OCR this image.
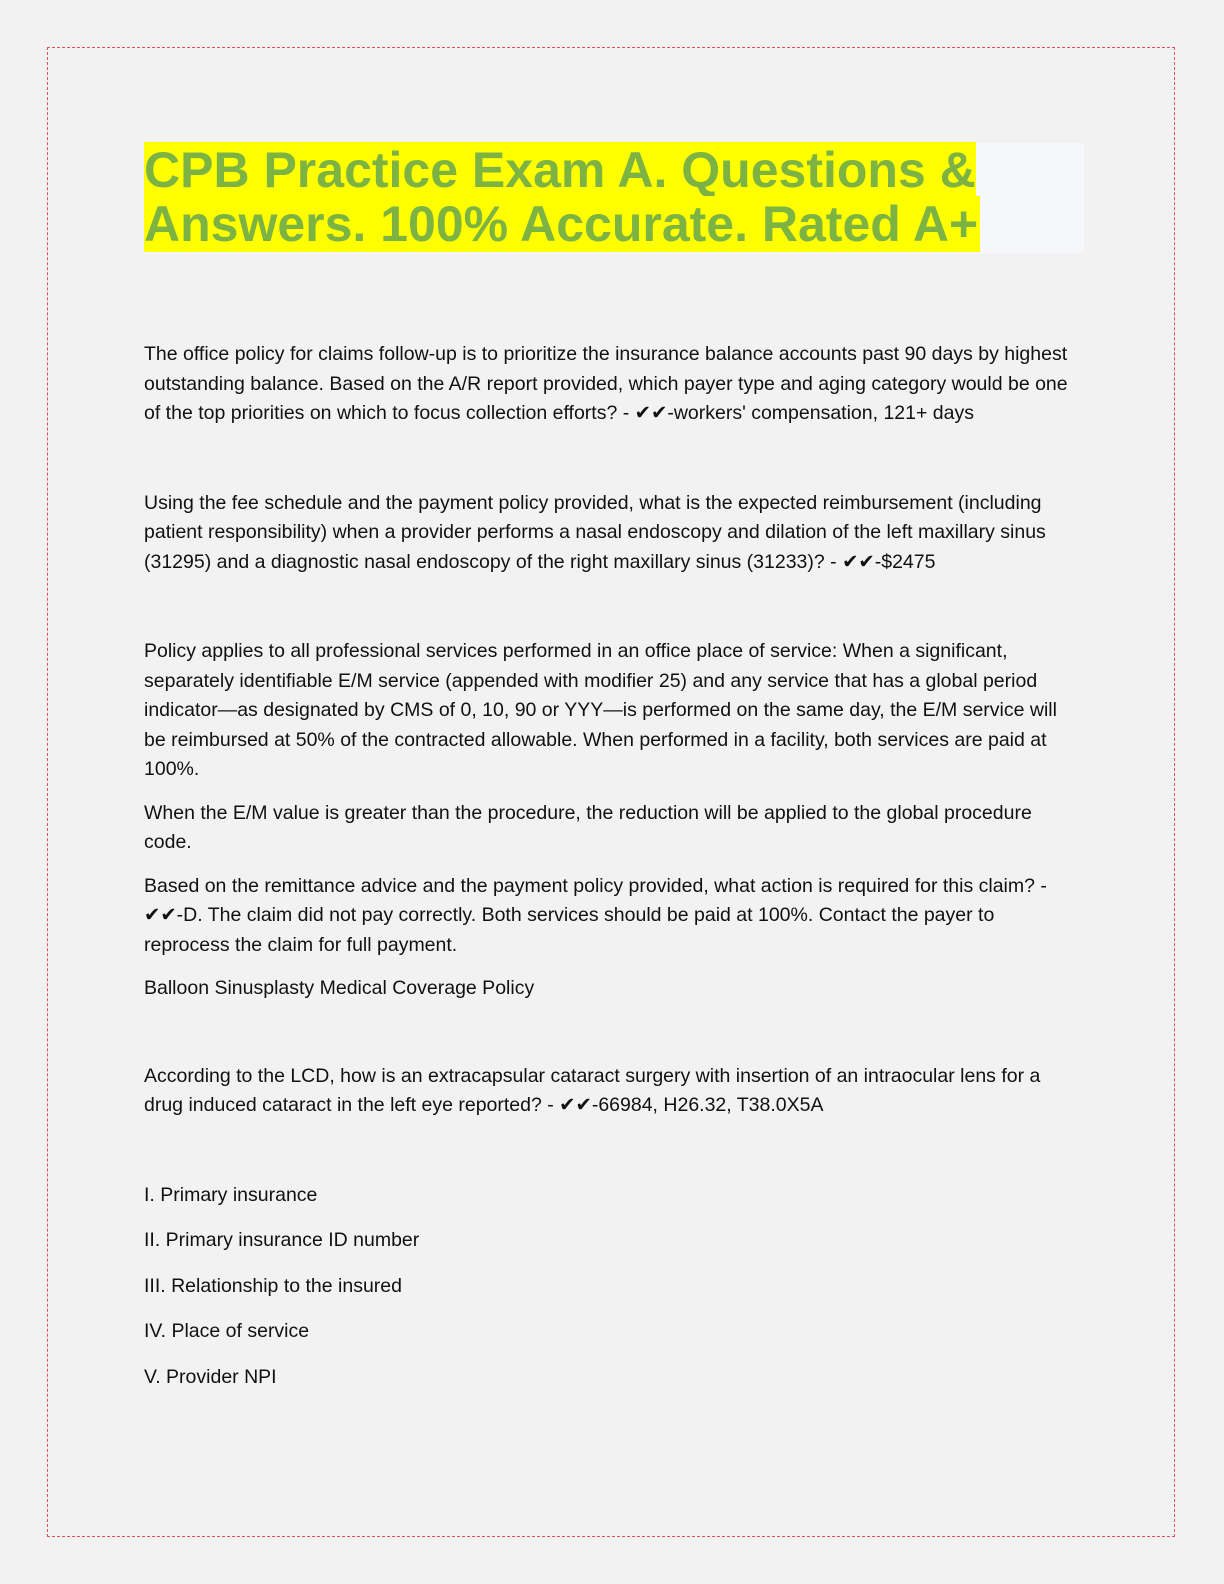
CPB Practice Exam A. Questions & Answers. 100% Accurate. Rated A+

The office policy for claims follow-up is to prioritize the insurance balance accounts past 90 days by highest outstanding balance. Based on the A/R report provided, which payer type and aging category would be one of the top priorities on which to focus collection efforts? - ✔✔-workers' compensation, 121+ days

Using the fee schedule and the payment policy provided, what is the expected reimbursement (including patient responsibility) when a provider performs a nasal endoscopy and dilation of the left maxillary sinus (31295) and a diagnostic nasal endoscopy of the right maxillary sinus (31233)? - ✔✔-$2475

Policy applies to all professional services performed in an office place of service: When a significant, separately identifiable E/M service (appended with modifier 25) and any service that has a global period indicator—as designated by CMS of 0, 10, 90 or YYY—is performed on the same day, the E/M service will be reimbursed at 50% of the contracted allowable. When performed in a facility, both services are paid at 100%.

When the E/M value is greater than the procedure, the reduction will be applied to the global procedure code.

Based on the remittance advice and the payment policy provided, what action is required for this claim? - ✔✔-D. The claim did not pay correctly. Both services should be paid at 100%. Contact the payer to reprocess the claim for full payment.

Balloon Sinusplasty Medical Coverage Policy

According to the LCD, how is an extracapsular cataract surgery with insertion of an intraocular lens for a drug induced cataract in the left eye reported? - ✔✔-66984, H26.32, T38.0X5A

I. Primary insurance

II. Primary insurance ID number

III. Relationship to the insured

IV. Place of service

V. Provider NPI
